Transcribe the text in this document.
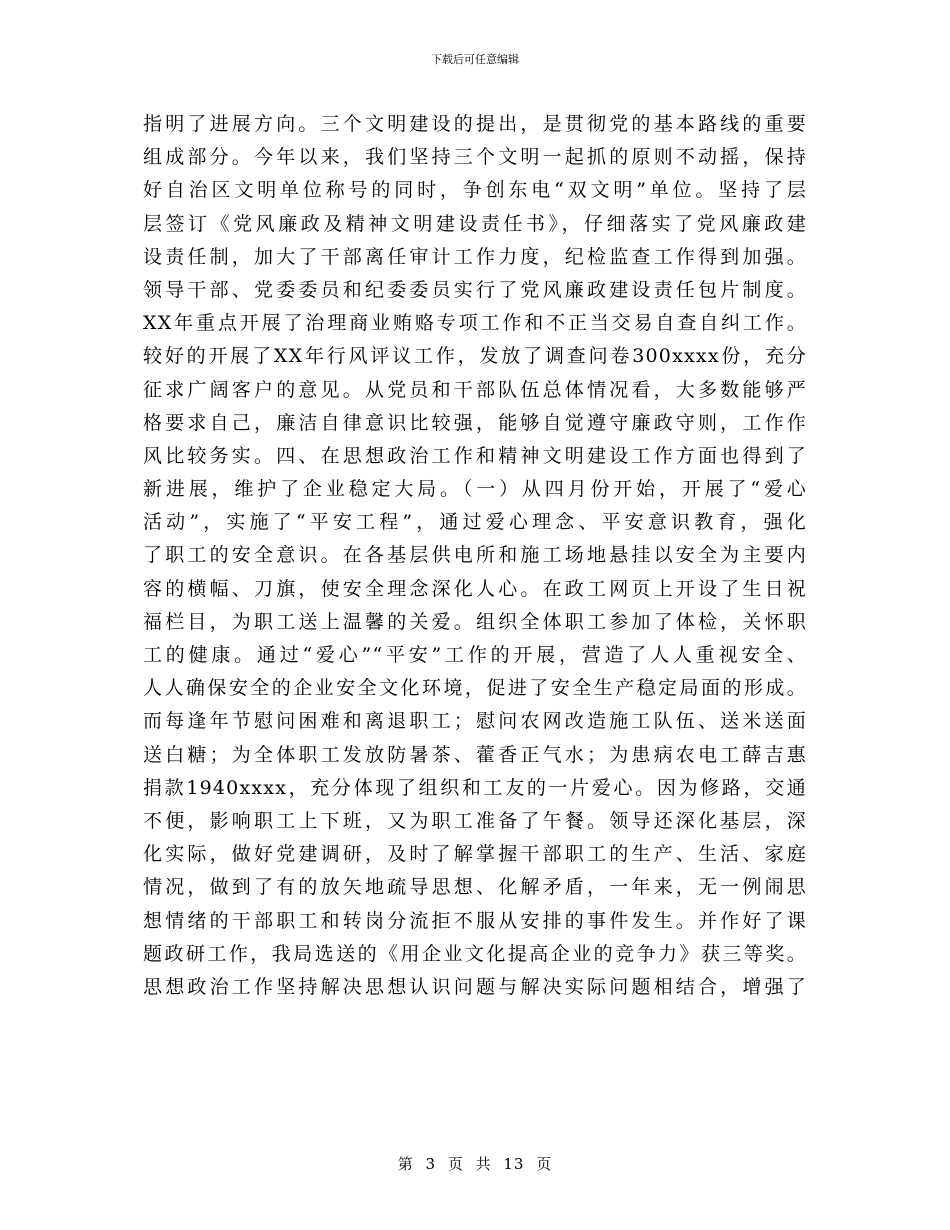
下载后可任意编辑
指明了进展方向。三个文明建设的提出，是贯彻党的基本路线的重要
组成部分。今年以来，我们坚持三个文明一起抓的原则不动摇，保持
好自治区文明单位称号的同时，争创东电“双文明”单位。坚持了层
层签订《党风廉政及精神文明建设责任书》，仔细落实了党风廉政建
设责任制，加大了干部离任审计工作力度，纪检监查工作得到加强。
领导干部、党委委员和纪委委员实行了党风廉政建设责任包片制度。
XX年重点开展了治理商业贿赂专项工作和不正当交易自查自纠工作。
较好的开展了XX年行风评议工作，发放了调查问卷300xxxx份，充分
征求广阔客户的意见。从党员和干部队伍总体情况看，大多数能够严
格要求自己，廉洁自律意识比较强，能够自觉遵守廉政守则，工作作
风比较务实。四、在思想政治工作和精神文明建设工作方面也得到了
新进展，维护了企业稳定大局。（一）从四月份开始，开展了“爱心
活动”，实施了“平安工程”，通过爱心理念、平安意识教育，强化
了职工的安全意识。在各基层供电所和施工场地悬挂以安全为主要内
容的横幅、刀旗，使安全理念深化人心。在政工网页上开设了生日祝
福栏目，为职工送上温馨的关爱。组织全体职工参加了体检，关怀职
工的健康。通过“爱心”“平安”工作的开展，营造了人人重视安全、
人人确保安全的企业安全文化环境，促进了安全生产稳定局面的形成。
而每逢年节慰问困难和离退职工；慰问农网改造施工队伍、送米送面
送白糖；为全体职工发放防暑茶、藿香正气水；为患病农电工薛吉惠
捐款1940xxxx，充分体现了组织和工友的一片爱心。因为修路，交通
不便，影响职工上下班，又为职工准备了午餐。领导还深化基层，深
化实际，做好党建调研，及时了解掌握干部职工的生产、生活、家庭
情况，做到了有的放矢地疏导思想、化解矛盾，一年来，无一例闹思
想情绪的干部职工和转岗分流拒不服从安排的事件发生。并作好了课
题政研工作，我局选送的《用企业文化提高企业的竞争力》获三等奖。
思想政治工作坚持解决思想认识问题与解决实际问题相结合，增强了
第 3 页 共 13 页
